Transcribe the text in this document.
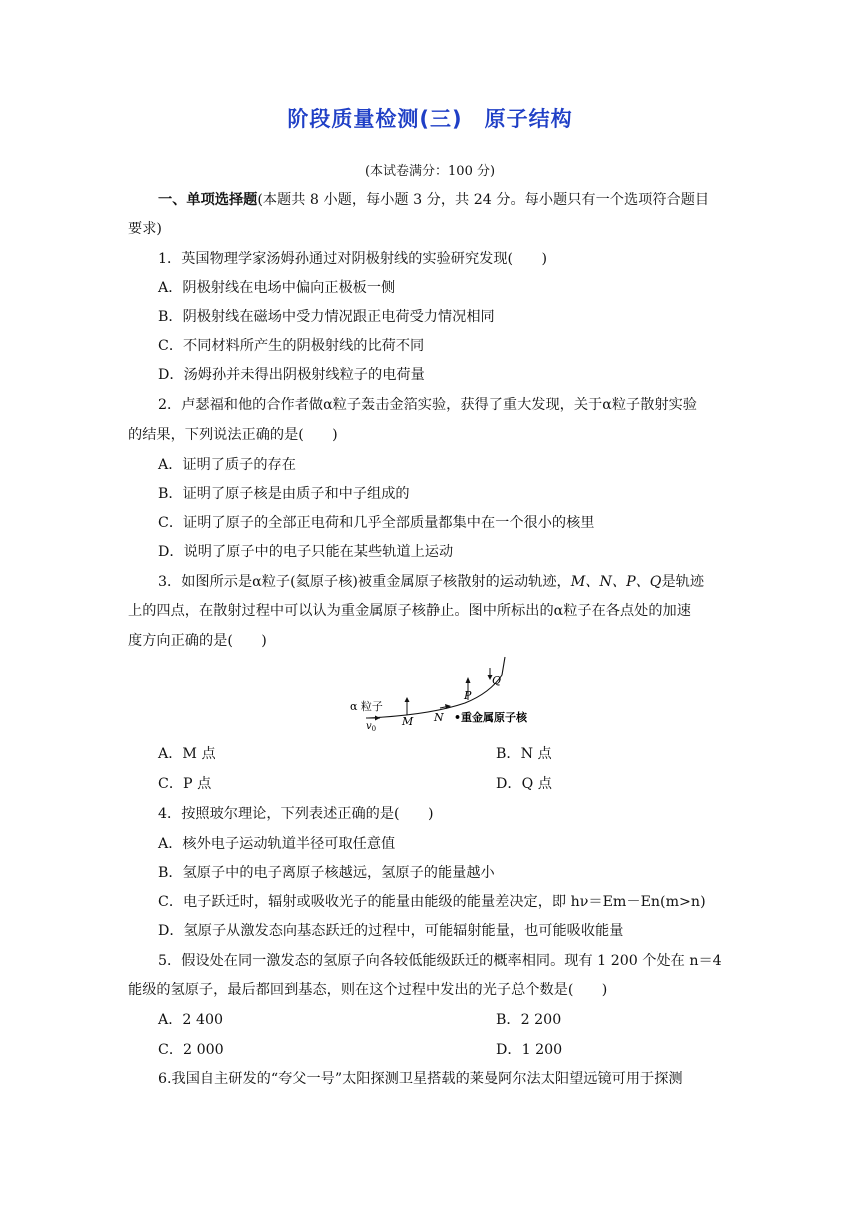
阶段质量检测(三) 原子结构
(本试卷满分：100 分)
一、单项选择题(本题共 8 小题，每小题 3 分，共 24 分。每小题只有一个选项符合题目
要求)
1．英国物理学家汤姆孙通过对阴极射线的实验研究发现(　　)
A．阴极射线在电场中偏向正极板一侧
B．阴极射线在磁场中受力情况跟正电荷受力情况相同
C．不同材料所产生的阴极射线的比荷不同
D．汤姆孙并未得出阴极射线粒子的电荷量
2．卢瑟福和他的合作者做α粒子轰击金箔实验，获得了重大发现，关于α粒子散射实验
的结果，下列说法正确的是(　　)
A．证明了质子的存在
B．证明了原子核是由质子和中子组成的
C．证明了原子的全部正电荷和几乎全部质量都集中在一个很小的核里
D．说明了原子中的电子只能在某些轨道上运动
3．如图所示是α粒子(氦原子核)被重金属原子核散射的运动轨迹，M、N、P、Q是轨迹
上的四点，在散射过程中可以认为重金属原子核静止。图中所标出的α粒子在各点处的加速
度方向正确的是(　　)
α 粒子
$v_0$
M N
P
Q
•重金属原子核
A．M 点	B．N 点
C．P 点	D．Q 点
4．按照玻尔理论，下列表述正确的是(　　)
A．核外电子运动轨道半径可取任意值
B．氢原子中的电子离原子核越远，氢原子的能量越小
C．电子跃迁时，辐射或吸收光子的能量由能级的能量差决定，即 hν＝Em－En(m>n)
D．氢原子从激发态向基态跃迁的过程中，可能辐射能量，也可能吸收能量
5．假设处在同一激发态的氢原子向各较低能级跃迁的概率相同。现有 1 200 个处在 n＝4
能级的氢原子，最后都回到基态，则在这个过程中发出的光子总个数是(　　)
A．2 400	B．2 200
C．2 000	D．1 200
6.我国自主研发的“夸父一号”太阳探测卫星搭载的莱曼阿尔法太阳望远镜可用于探测
